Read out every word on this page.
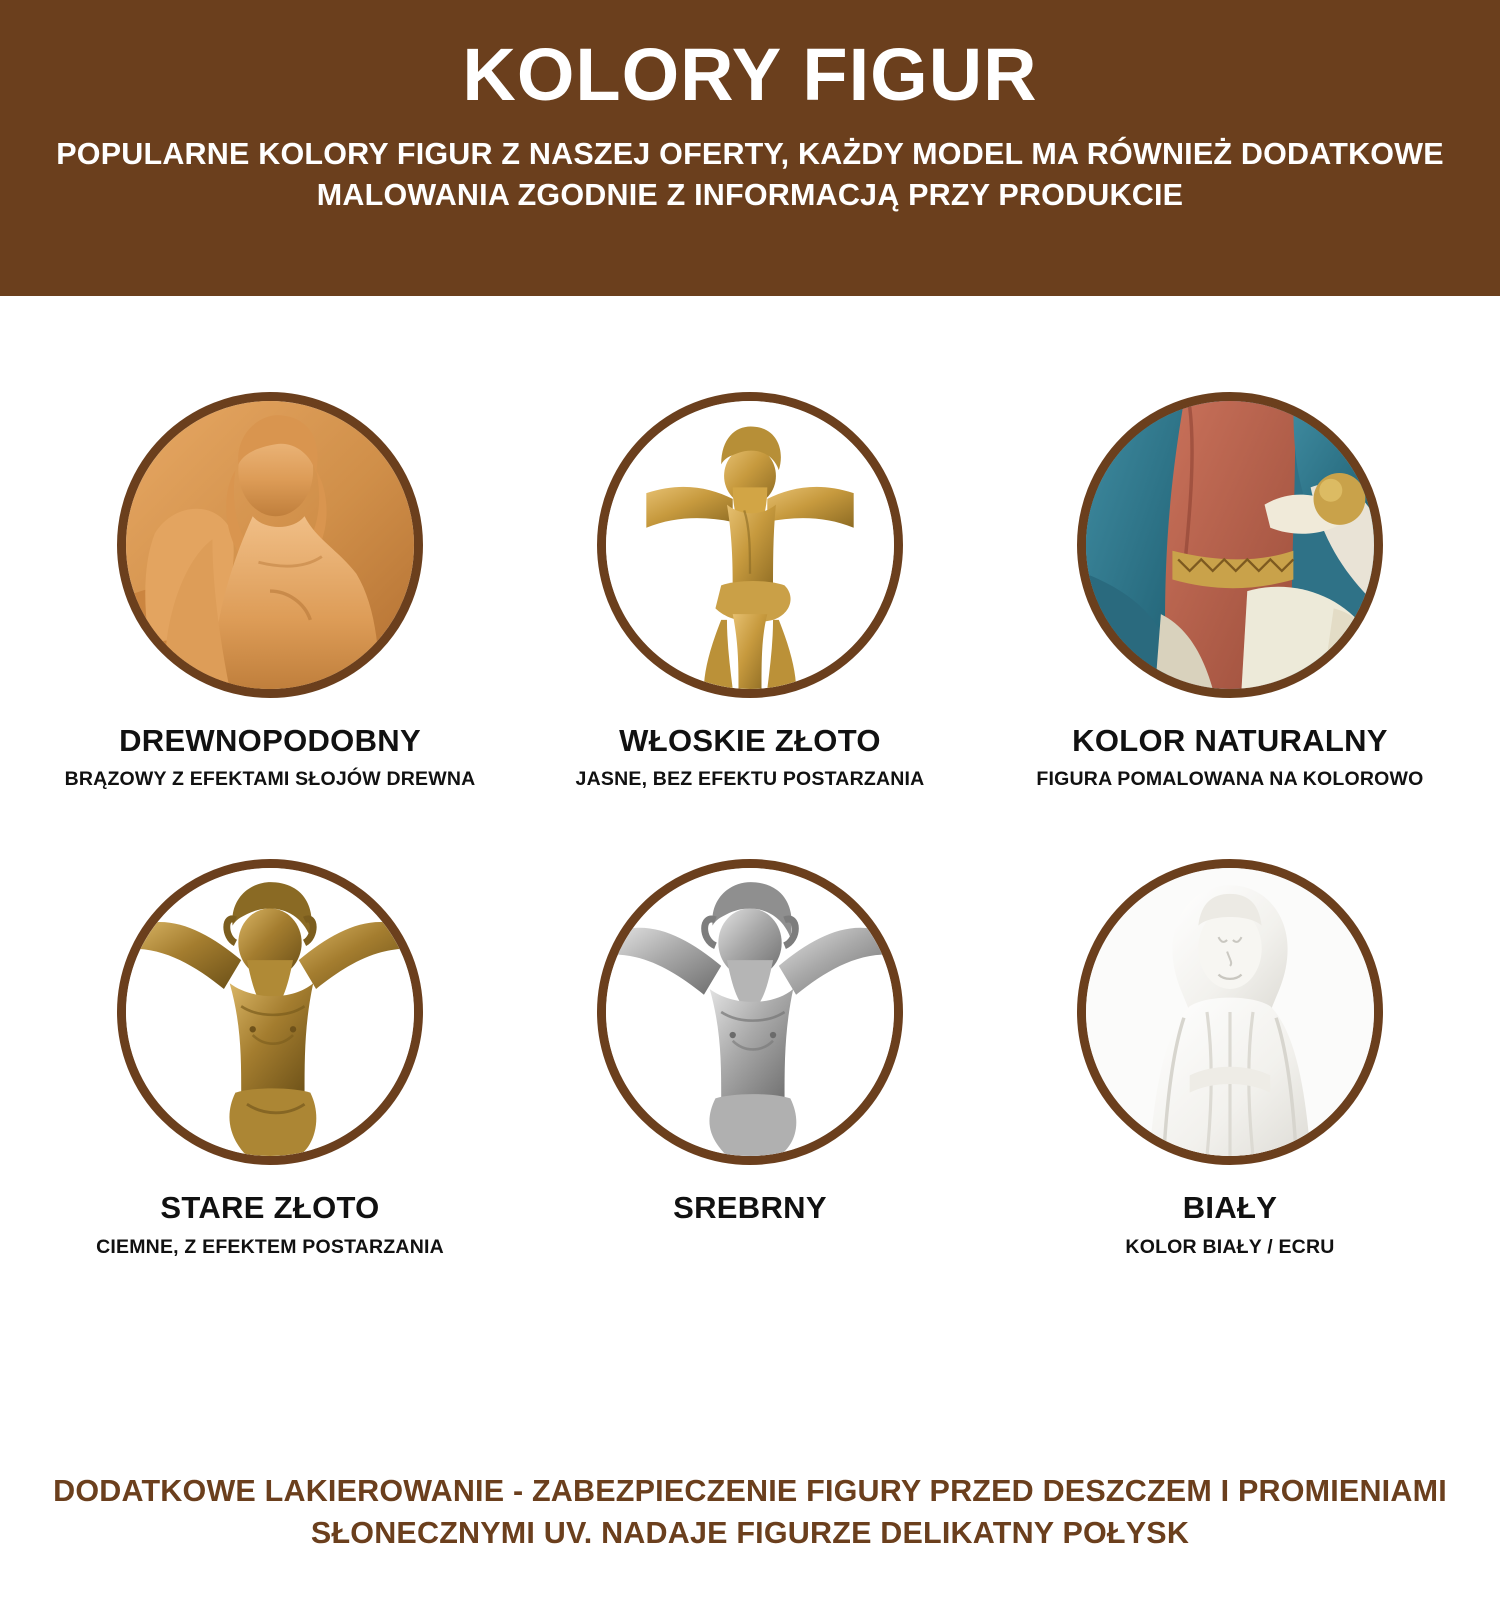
KOLORY FIGUR

POPULARNE KOLORY FIGUR Z NASZEJ OFERTY, KAŻDY MODEL MA RÓWNIEŻ DODATKOWE MALOWANIA ZGODNIE Z INFORMACJĄ PRZY PRODUKCIE

DREWNOPODOBNY
BRĄZOWY Z EFEKTAMI SŁOJÓW DREWNA
WŁOSKIE ZŁOTO
JASNE, BEZ EFEKTU POSTARZANIA
KOLOR NATURALNY
FIGURA POMALOWANA NA KOLOROWO
STARE ZŁOTO
CIEMNE, Z EFEKTEM POSTARZANIA
SREBRNY	BIAŁY
KOLOR BIAŁY / ECRU
DODATKOWE LAKIEROWANIE - ZABEZPIECZENIE FIGURY PRZED DESZCZEM I PROMIENIAMI SŁONECZNYMI UV. NADAJE FIGURZE DELIKATNY POŁYSK
